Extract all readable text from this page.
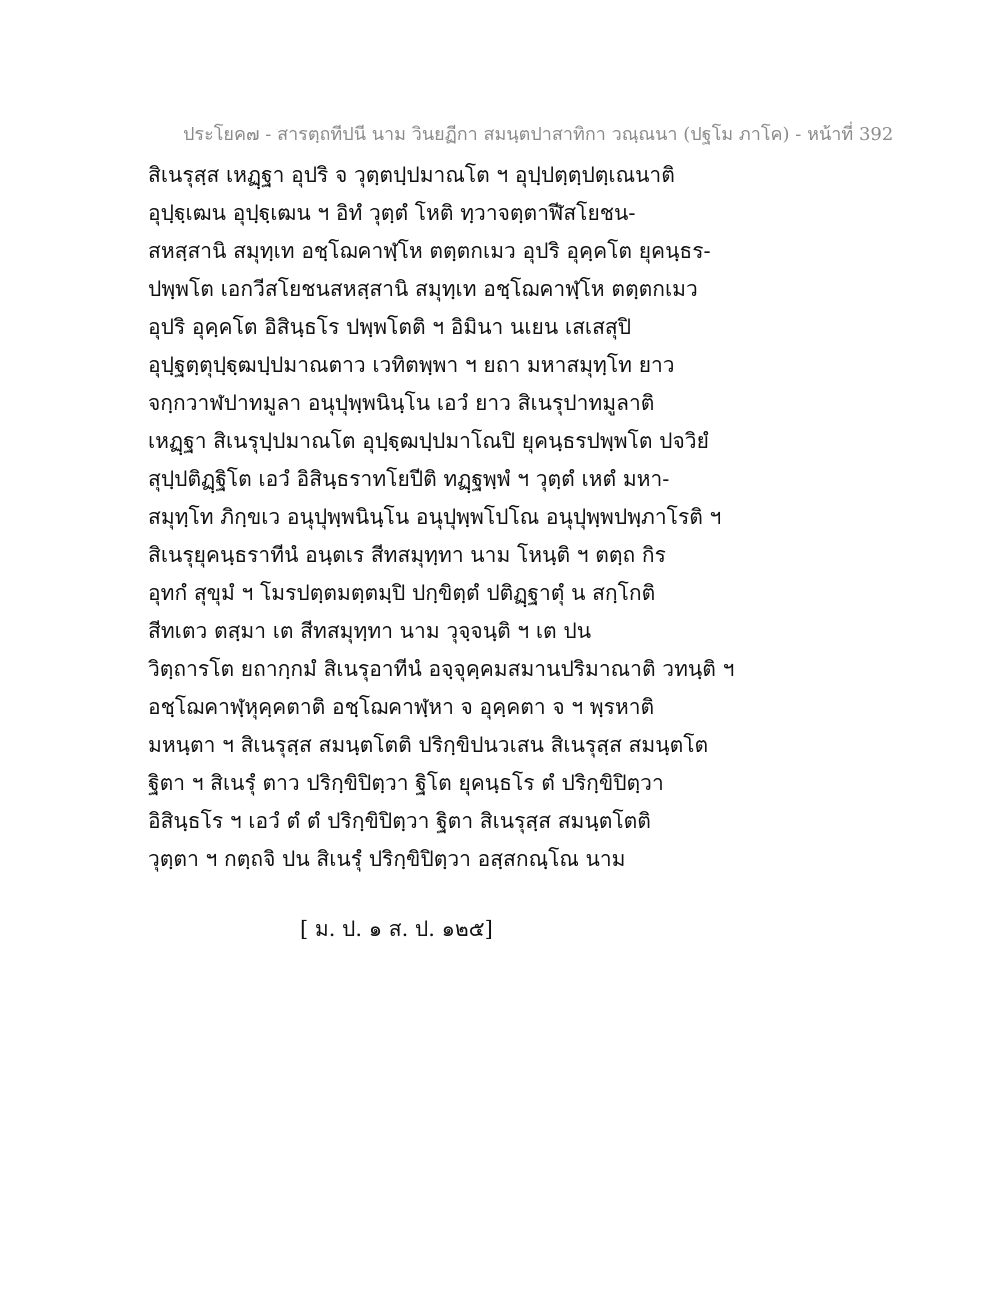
ประโยค๗ - สารตฺถทีปนี นาม วินยฏีกา สมนฺตปาสาทิกา วณฺณนา (ปฐโม ภาโค) - หน้าที่ 392
สิเนรุสฺส เหฏฺฐา อุปริ จ วุตฺตปฺปมาณโต ฯ อุปฺปตฺตฺปตฺเณนาติ
อุปฺฐฺเฒน อุปฺฐฺเฒน ฯ อิทํ วุตฺตํ โหติ ทฺวาจตฺตาฬีสโยชน-
สหสฺสานิ สมุทฺเท อชฺโฌคาฬฺโห ตตฺตกเมว อุปริ อุคฺคโต ยุคนฺธร-
ปพฺพโต เอกวีสโยชนสหสฺสานิ สมุทฺเท อชฺโฌคาฬฺโห ตตฺตกเมว
อุปริ อุคฺคโต อิสินฺธโร ปพฺพโตติ ฯ อิมินา นเยน เสเสสุปิ
อุปฺฐตฺตุปฺฐฺฒปฺปมาณตาว เวทิตพฺพา ฯ ยถา มหาสมุทฺโท ยาว
จกฺกวาฬปาทมูลา อนุปุพฺพนินฺโน เอวํ ยาว สิเนรุปาทมูลาติ
เหฏฺฐา สิเนรุปฺปมาณโต อุปฺฐฺฒปฺปมาโณปิ ยุคนฺธรปพฺพโต ปจวิยํ
สุปฺปติฏฺฐิโต เอวํ อิสินฺธราทโยปีติ ทฏฺฐพฺพํ ฯ วุตฺตํ เหตํ มหา-
สมุทฺโท ภิกฺขเว อนุปุพฺพนินฺโน อนุปุพฺพโปโณ อนุปุพฺพปพฺภาโรติ ฯ
สิเนรุยุคนฺธราทีนํ อนฺตเร สีทสมุทฺทา นาม โหนฺติ ฯ ตตฺถ กิร
อุทกํ สุขุมํ ฯ โมรปตฺตมตฺตมฺปิ ปกฺขิตฺตํ ปติฏฺฐาตุํ น สกฺโกติ
สีทเตว ตสฺมา เต สีทสมุทฺทา นาม วุจฺจนฺติ ฯ เต ปน
วิตฺถารโต ยถากฺกมํ สิเนรุอาทีนํ อจฺจุคฺคมสมานปริมาณาติ วทนฺติ ฯ
อชฺโฌคาฬฺหุคฺคตาติ อชฺโฌคาฬฺหา จ อุคฺคตา จ ฯ พฺรหาติ
มหนฺตา ฯ สิเนรุสฺส สมนฺตโตติ ปริกฺขิปนวเสน สิเนรุสฺส สมนฺตโต
ฐิตา ฯ สิเนรุํ ตาว ปริกฺขิปิตฺวา ฐิโต ยุคนฺธโร ตํ ปริกฺขิปิตฺวา
อิสินฺธโร ฯ เอวํ ตํ ตํ ปริกฺขิปิตฺวา ฐิตา สิเนรุสฺส สมนฺตโตติ
วุตฺตา ฯ กตฺถจิ ปน สิเนรุํ ปริกฺขิปิตฺวา อสฺสกณฺโณ นาม
[ ม. ป. ๑ ส. ป. ๑๒๕]
